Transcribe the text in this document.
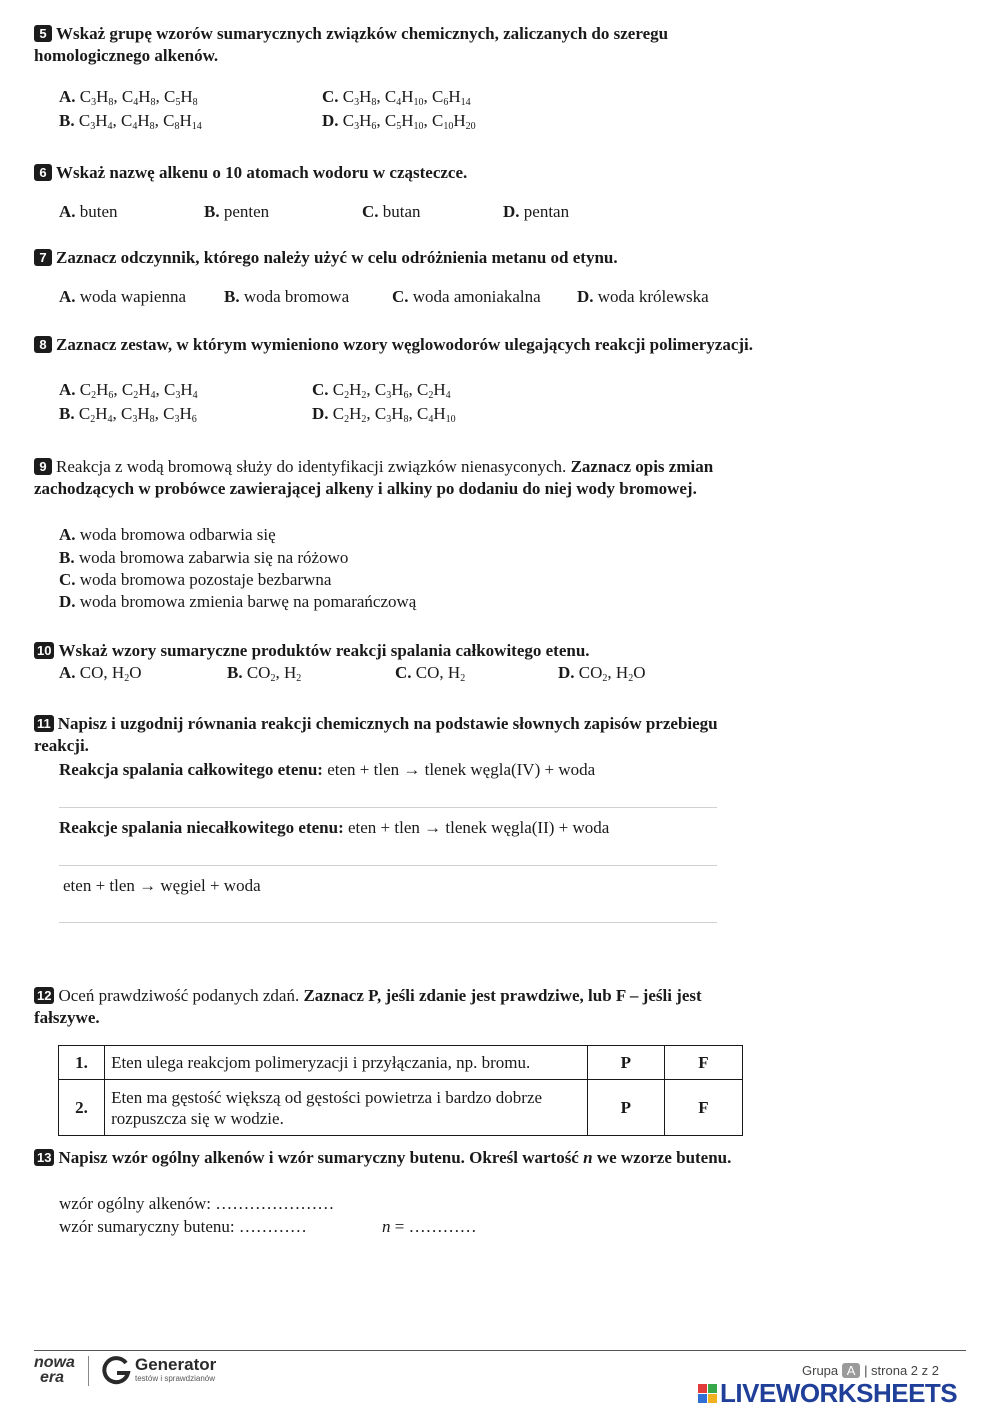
5 Wskaż grupę wzorów sumarycznych związków chemicznych, zaliczanych do szeregu homologicznego alkenów.
A. $C_3H_8$, $C_4H_8$, $C_5H_8$
B. $C_3H_4$, $C_4H_8$, $C_8H_{14}$
C. $C_3H_8$, $C_4H_{10}$, $C_6H_{14}$
D. $C_3H_6$, $C_5H_{10}$, $C_{10}H_{20}$
6 Wskaż nazwę alkenu o 10 atomach wodoru w cząsteczce.
A. buten	B. penten	C. butan	D. pentan
7 Zaznacz odczynnik, którego należy użyć w celu odróżnienia metanu od etynu.
A. woda wapienna B. woda bromowa	C. woda amoniakalna D. woda królewska
8 Zaznacz zestaw, w którym wymieniono wzory węglowodorów ulegających reakcji polimeryzacji.
A. $C_2H_6$, $C_2H_4$, $C_3H_4$
B. $C_2H_4$, $C_3H_8$, $C_3H_6$
C. $C_2H_2$, $C_3H_6$, $C_2H_4$
D. $C_2H_2$, $C_3H_8$, $C_4H_{10}$
9 Reakcja z wodą bromową służy do identyfikacji związków nienasyconych. Zaznacz opis zmian zachodzących w probówce zawierającej alkeny i alkiny po dodaniu do niej wody bromowej.
A. woda bromowa odbarwia się
B. woda bromowa zabarwia się na różowo
C. woda bromowa pozostaje bezbarwna
D. woda bromowa zmienia barwę na pomarańczową
10 Wskaż wzory sumaryczne produktów reakcji spalania całkowitego etenu.
A. CO, $H_2O$	B. $CO_2$, $H_2$	C. CO, $H_2$	D. $CO_2$, $H_2O$
11 Napisz i uzgodnij równania reakcji chemicznych na podstawie słownych zapisów przebiegu reakcji.
Reakcja spalania całkowitego etenu: eten + tlen → tlenek węgla(IV) + woda
Reakcje spalania niecałkowitego etenu: eten + tlen → tlenek węgla(II) + woda
eten + tlen → węgiel + woda
12 Oceń prawdziwość podanych zdań. Zaznacz P, jeśli zdanie jest prawdziwe, lub F – jeśli jest fałszywe.
1.	Eten ulega reakcjom polimeryzacji i przyłączania, np. bromu.	P	F
2.	Eten ma gęstość większą od gęstości powietrza i bardzo dobrze rozpuszcza się w wodzie.	P	F
13 Napisz wzór ogólny alkenów i wzór sumaryczny butenu. Określ wartość n we wzorze butenu.
wzór ogólny alkenów: …………………
wzór sumaryczny butenu: …………	n = …………
nowa
era
Generator
testów i sprawdzianów
Grupa A | strona 2 z 2
LIVEWORKSHEETS
